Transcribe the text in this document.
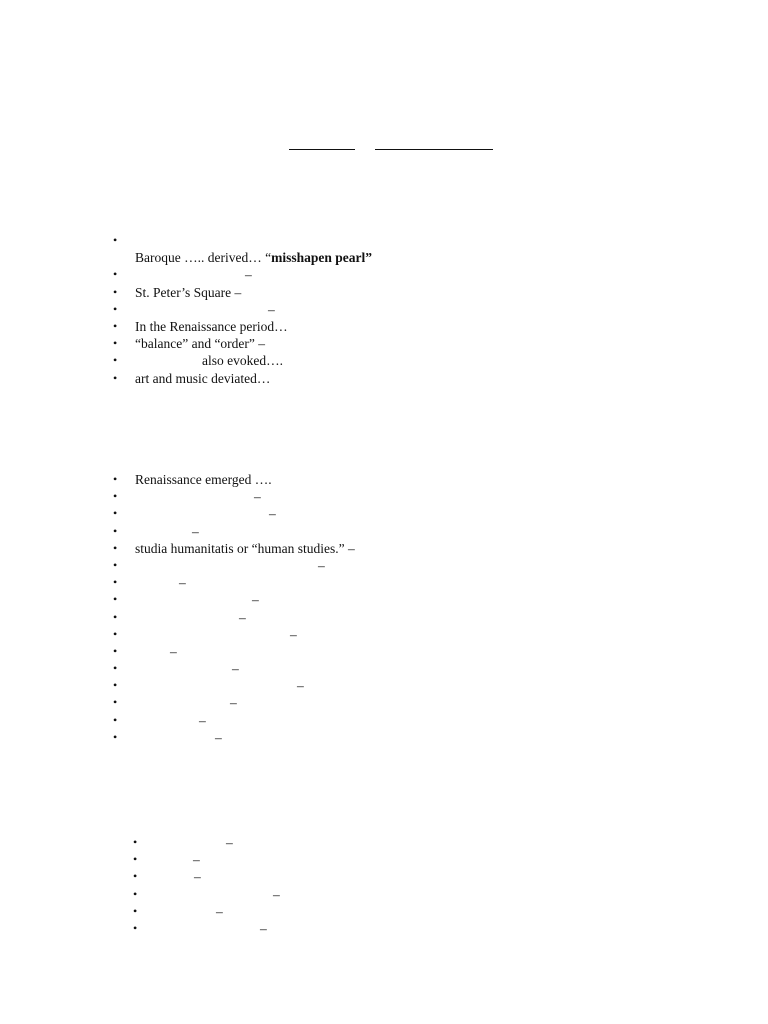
•
Baroque ….. derived… “misshapen pearl”
•	–
• St. Peter’s Square –
•	–
• In the Renaissance period…
• “balance” and “order” –
•	also evoked….
• art and music deviated…
• Renaissance emerged ….
•	–
•	–
•	–
• studia humanitatis or “human studies.” –
•	–
•	–
•	–
•	–
•	–
•	–
•	–
•	–
•	–
•	–
•	–
•	–
•	–
•	–
•	–
•	–
•	–
